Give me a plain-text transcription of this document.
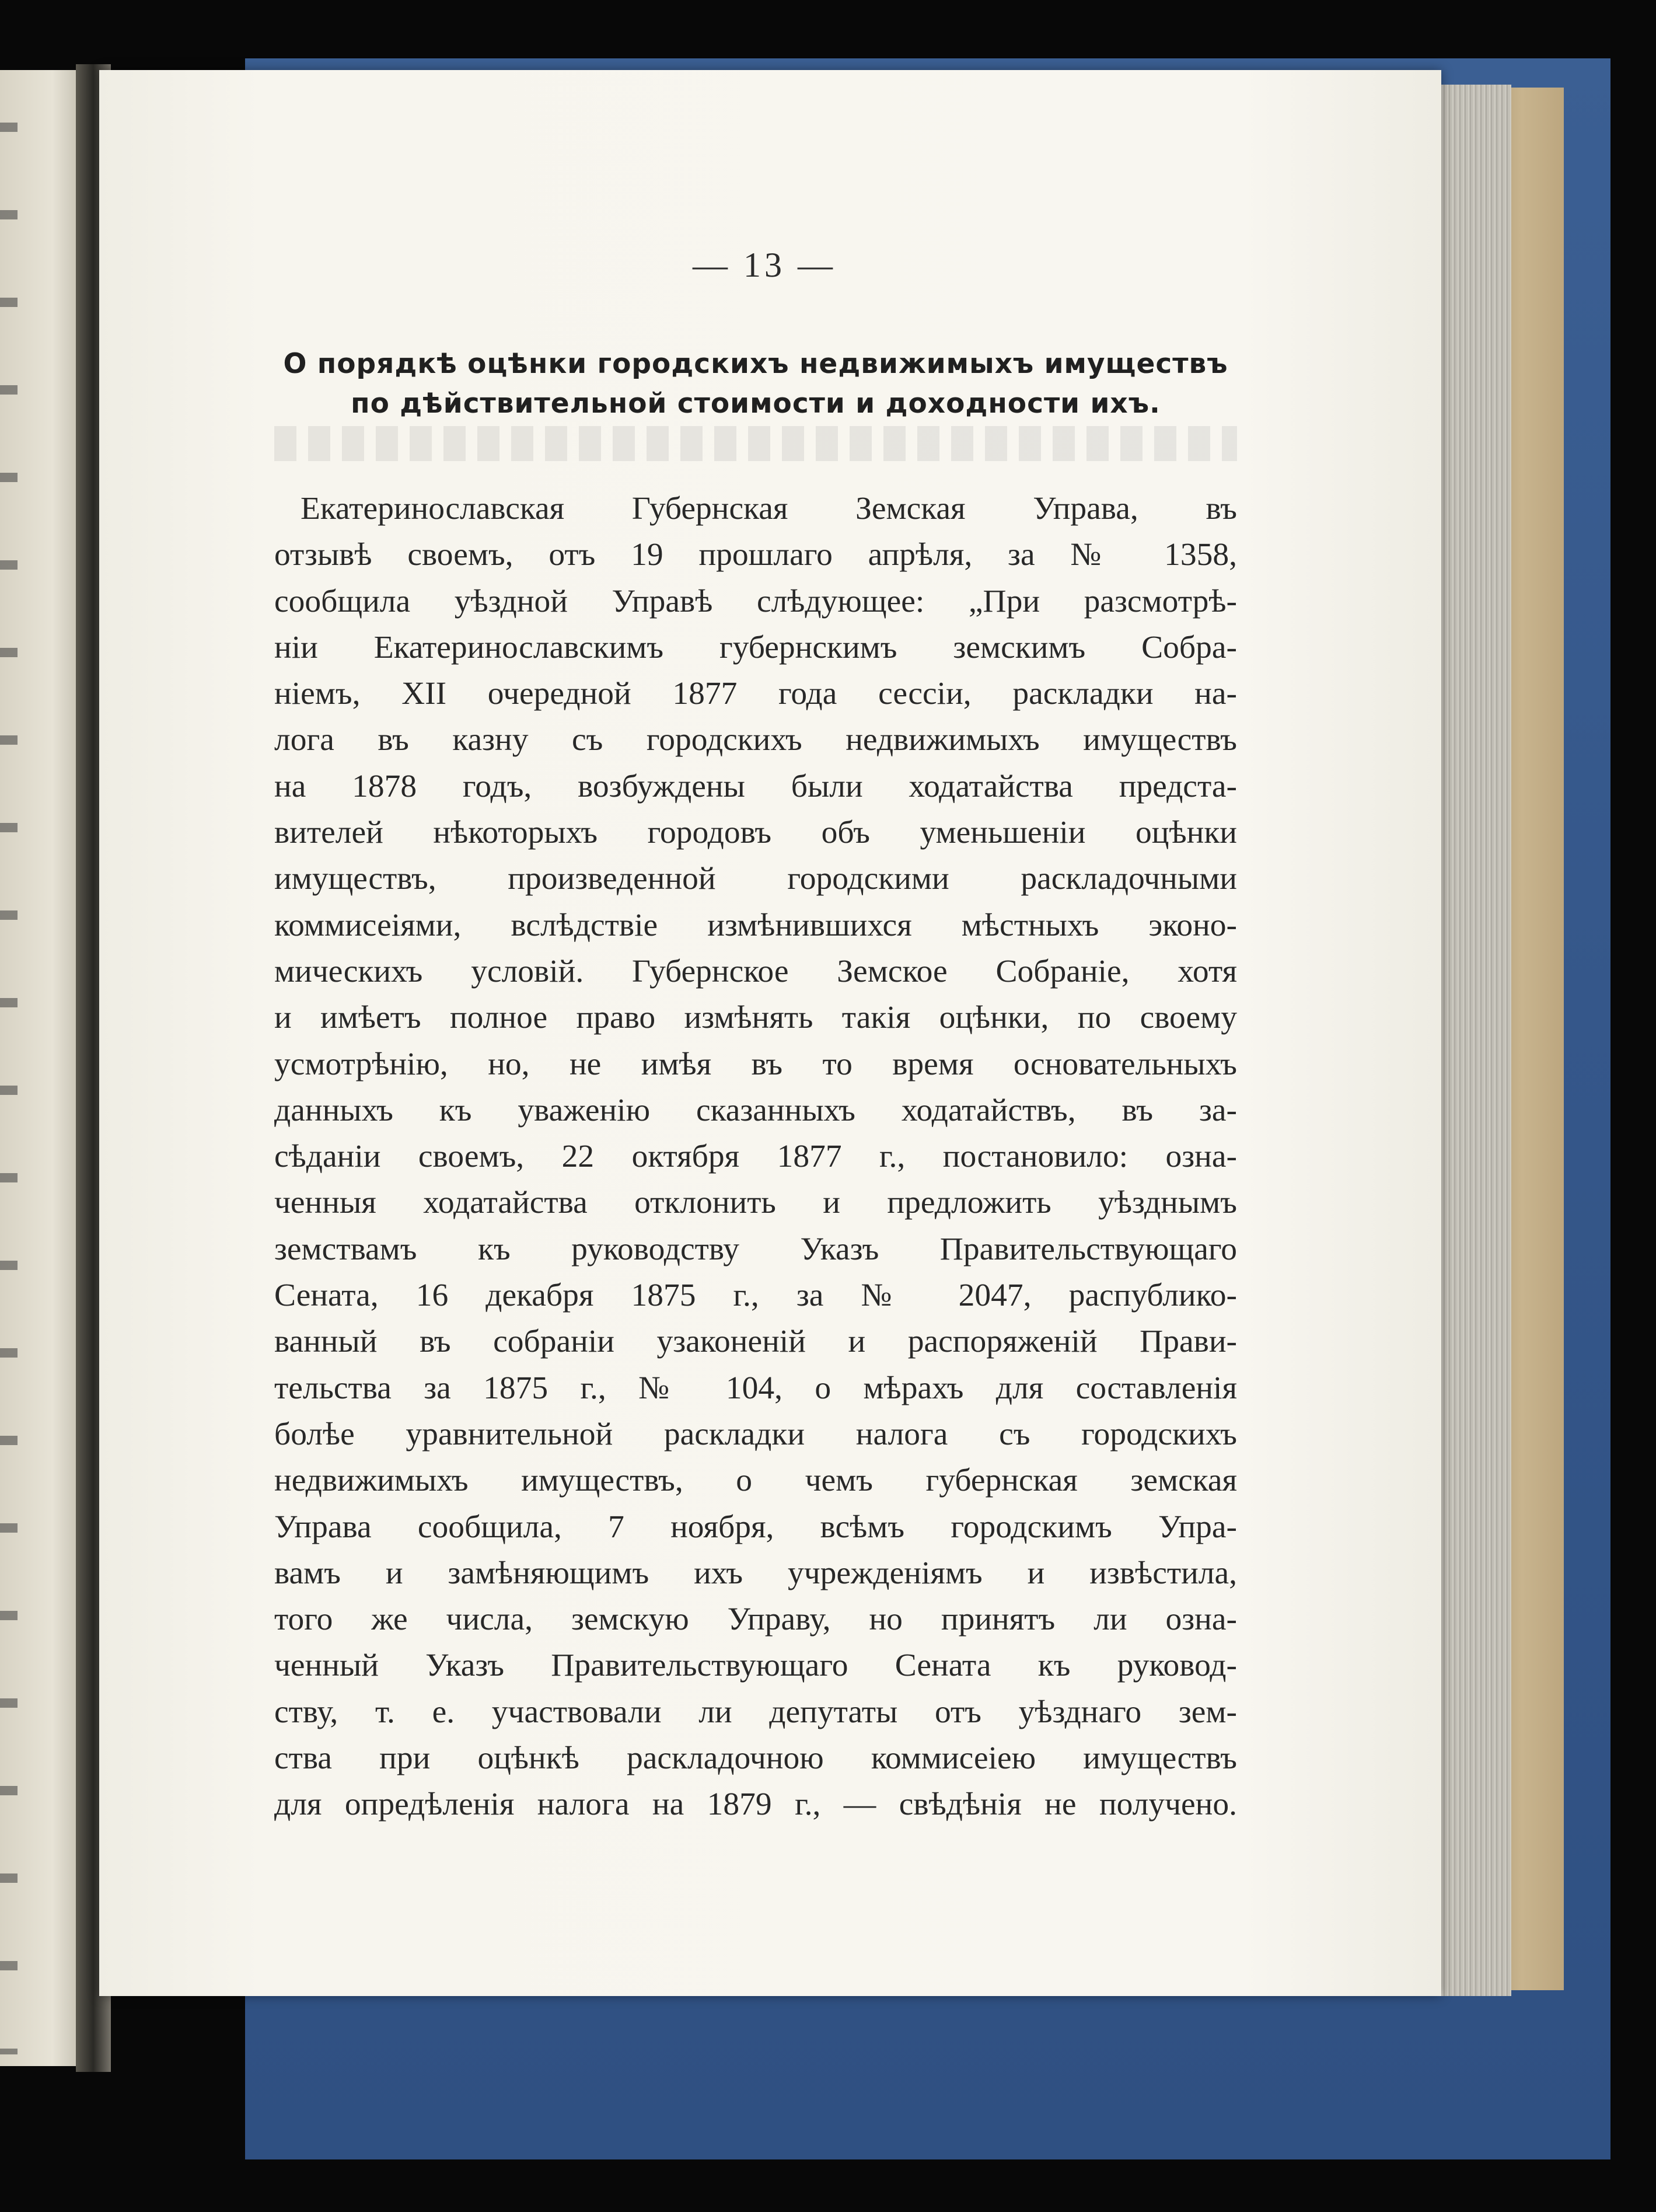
— 13 —
О порядкѣ оцѣнки городскихъ недвижимыхъ имуществъ
по дѣйствительной стоимости и доходности ихъ.
Екатеринославская Губернская Земская Управа, въ
отзывѣ своемъ, отъ 19 прошлаго апрѣля, за № 1358,
сообщила уѣздной Управѣ слѣдующее: „При разсмотрѣ-
ніи Екатеринославскимъ губернскимъ земскимъ Собра-
ніемъ, XII очередной 1877 года сессіи, раскладки на-
лога въ казну съ городскихъ недвижимыхъ имуществъ
на 1878 годъ, возбуждены были ходатайства предста-
вителей нѣкоторыхъ городовъ объ уменьшеніи оцѣнки
имуществъ, произведенной городскими раскладочными
коммисеіями, вслѣдствіе измѣнившихся мѣстныхъ эконо-
мическихъ условій. Губернское Земское Собраніе, хотя
и имѣетъ полное право измѣнять такія оцѣнки, по своему
усмотрѣнію, но, не имѣя въ то время основательныхъ
данныхъ къ уваженію сказанныхъ ходатайствъ, въ за-
сѣданіи своемъ, 22 октября 1877 г., постановило: озна-
ченныя ходатайства отклонить и предложить уѣзднымъ
земствамъ къ руководству Указъ Правительствующаго
Сената, 16 декабря 1875 г., за № 2047, распублико-
ванный въ собраніи узаконеній и распоряженій Прави-
тельства за 1875 г., № 104, о мѣрахъ для составленія
болѣе уравнительной раскладки налога съ городскихъ
недвижимыхъ имуществъ, о чемъ губернская земская
Управа сообщила, 7 ноября, всѣмъ городскимъ Упра-
вамъ и замѣняющимъ ихъ учрежденіямъ и извѣстила,
того же числа, земскую Управу, но принятъ ли озна-
ченный Указъ Правительствующаго Сената къ руковод-
ству, т. е. участвовали ли депутаты отъ уѣзднаго зем-
ства при оцѣнкѣ раскладочною коммисеіею имуществъ
для опредѣленія налога на 1879 г., — свѣдѣнія не получено.
